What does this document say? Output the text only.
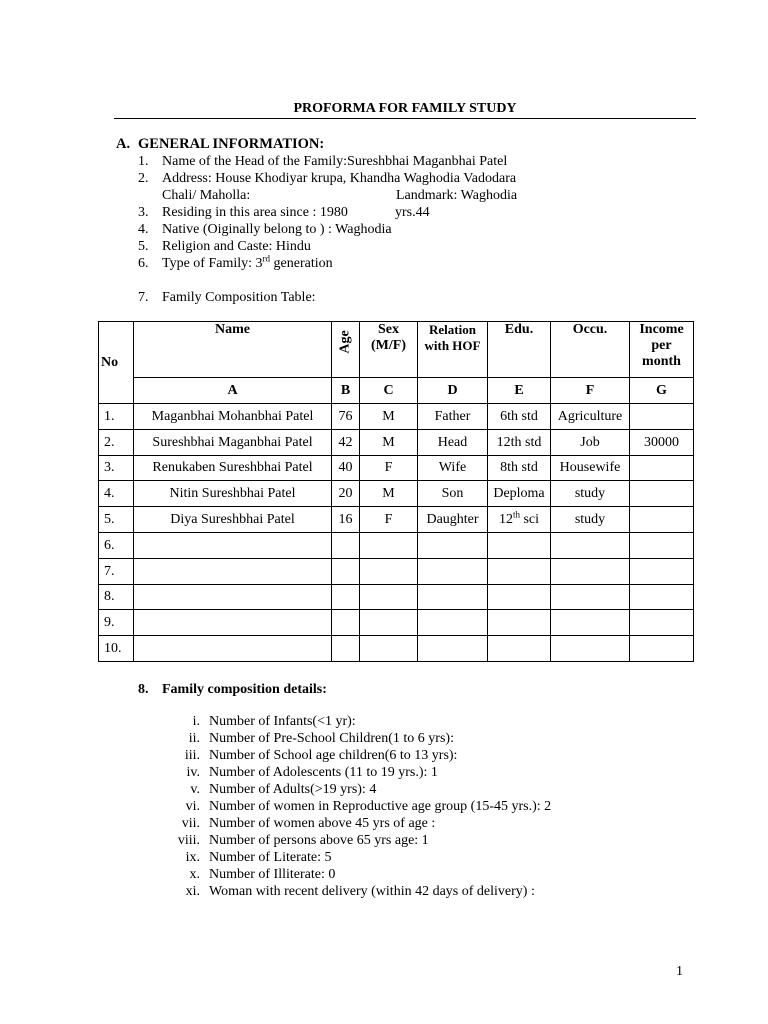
PROFORMA FOR FAMILY STUDY
A. GENERAL INFORMATION:
1. Name of the Head of the Family:Sureshbhai Maganbhai Patel
2. Address: House Khodiyar krupa, Khandha Waghodia Vadodara
Chali/ Maholla:	Landmark: Waghodia
3. Residing in this area since : 1980	yrs.44
4. Native (Oiginally belong to ) : Waghodia
5. Religion and Caste: Hindu
6. Type of Family: 3rd generation
7. Family Composition Table:
No	Name	Age	Sex (M/F)	Relation with HOF	Edu.	Occu.	Income per month
	A	B	C	D	E	F	G
1.	Maganbhai Mohanbhai Patel	76	M	Father	6th std	Agriculture	
2.	Sureshbhai Maganbhai Patel	42	M	Head	12th std	Job	30000
3.	Renukaben Sureshbhai Patel	40	F	Wife	8th std	Housewife	
4.	Nitin Sureshbhai Patel	20	M	Son	Deploma	study	
5.	Diya Sureshbhai Patel	16	F	Daughter	12th sci	study	
6.							
7.							
8.							
9.							
10.							
8. Family composition details:
i. Number of Infants(<1 yr):
ii. Number of Pre-School Children(1 to 6 yrs):
iii. Number of School age children(6 to 13 yrs):
iv. Number of Adolescents (11 to 19 yrs.): 1
v. Number of Adults(>19 yrs): 4
vi. Number of women in Reproductive age group (15-45 yrs.): 2
vii. Number of women above 45 yrs of age :
viii. Number of persons above 65 yrs age: 1
ix. Number of Literate: 5
x. Number of Illiterate: 0
xi. Woman with recent delivery (within 42 days of delivery) :
1
